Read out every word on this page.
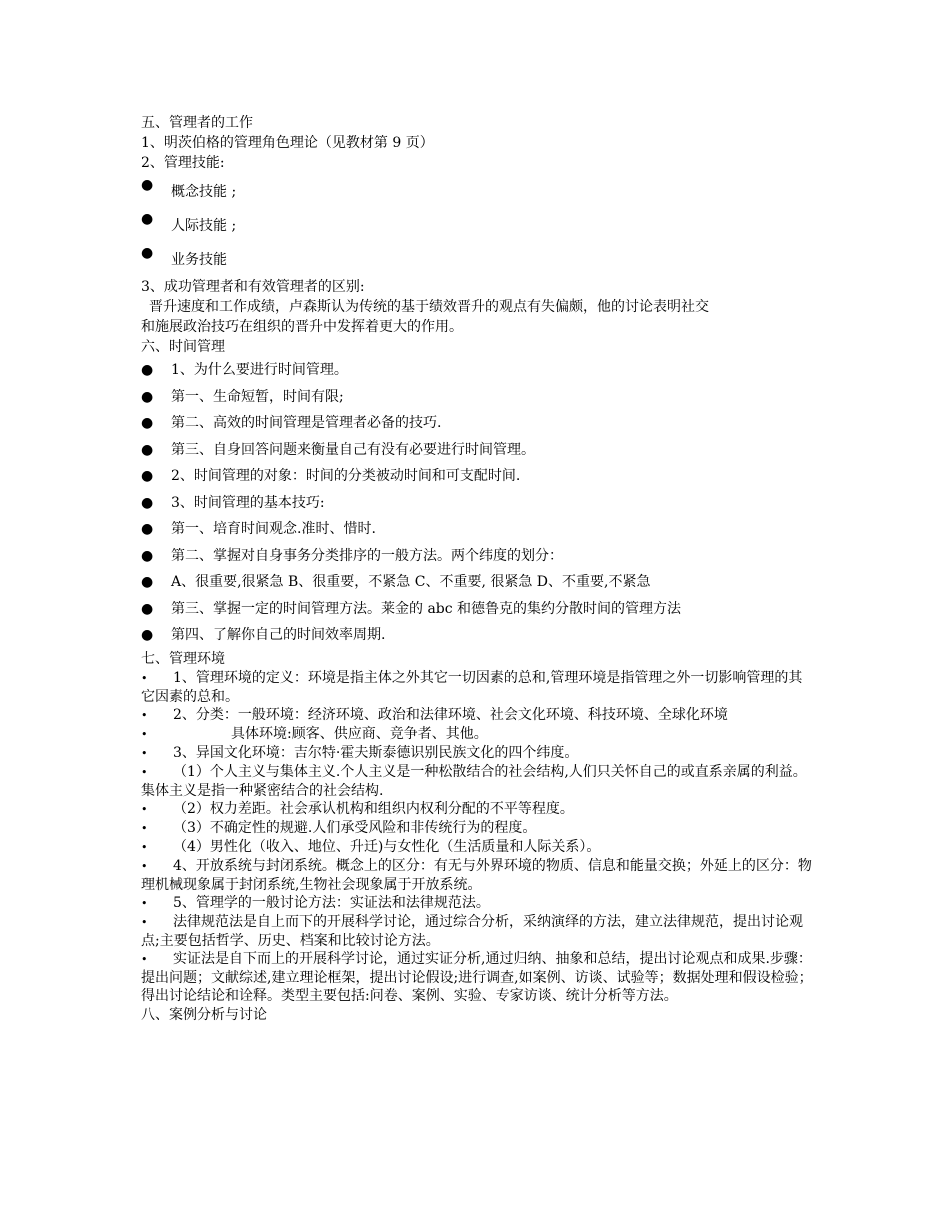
五、管理者的工作
1、明茨伯格的管理角色理论（见教材第 9 页）
2、管理技能:
●	概念技能 ;
●	人际技能 ;
●	业务技能
3、成功管理者和有效管理者的区别:
晋升速度和工作成绩，卢森斯认为传统的基于绩效晋升的观点有失偏颇，他的讨论表明社交
和施展政治技巧在组织的晋升中发挥着更大的作用。
六、时间管理
●	1、为什么要进行时间管理。
●	第一、生命短暂，时间有限;
●	第二、高效的时间管理是管理者必备的技巧.
●	第三、自身回答问题来衡量自己有没有必要进行时间管理。
●	2、时间管理的对象：时间的分类被动时间和可支配时间.
●	3、时间管理的基本技巧:
●	第一、培育时间观念.准时、惜时.
●	第二、掌握对自身事务分类排序的一般方法。两个纬度的划分：
●	A、很重要,很紧急 B、很重要，不紧急 C、不重要, 很紧急 D、不重要,不紧急
●	第三、掌握一定的时间管理方法。莱金的 abc 和德鲁克的集约分散时间的管理方法
●	第四、了解你自己的时间效率周期.
七、管理环境
• 1、管理环境的定义：环境是指主体之外其它一切因素的总和,管理环境是指管理之外一切影响管理的其它因素的总和。
• 2、分类：一般环境：经济环境、政治和法律环境、社会文化环境、科技环境、全球化环境
•	具体环境:顾客、供应商、竞争者、其他。
• 3、异国文化环境：吉尔特·霍夫斯泰德识别民族文化的四个纬度。
• （1）个人主义与集体主义.个人主义是一种松散结合的社会结构,人们只关怀自己的或直系亲属的利益。集体主义是指一种紧密结合的社会结构.
• （2）权力差距。社会承认机构和组织内权利分配的不平等程度。
• （3）不确定性的规避.人们承受风险和非传统行为的程度。
• （4）男性化（收入、地位、升迁)与女性化（生活质量和人际关系）。
• 4、开放系统与封闭系统。概念上的区分：有无与外界环境的物质、信息和能量交换；外延上的区分：物理机械现象属于封闭系统,生物社会现象属于开放系统。
• 5、管理学的一般讨论方法：实证法和法律规范法。
• 法律规范法是自上而下的开展科学讨论，通过综合分析，采纳演绎的方法，建立法律规范，提出讨论观点;主要包括哲学、历史、档案和比较讨论方法。
• 实证法是自下而上的开展科学讨论，通过实证分析,通过归纳、抽象和总结，提出讨论观点和成果.步骤：提出问题；文献综述,建立理论框架，提出讨论假设;进行调查,如案例、访谈、试验等；数据处理和假设检验；得出讨论结论和诠释。类型主要包括:问卷、案例、实验、专家访谈、统计分析等方法。
八、案例分析与讨论
